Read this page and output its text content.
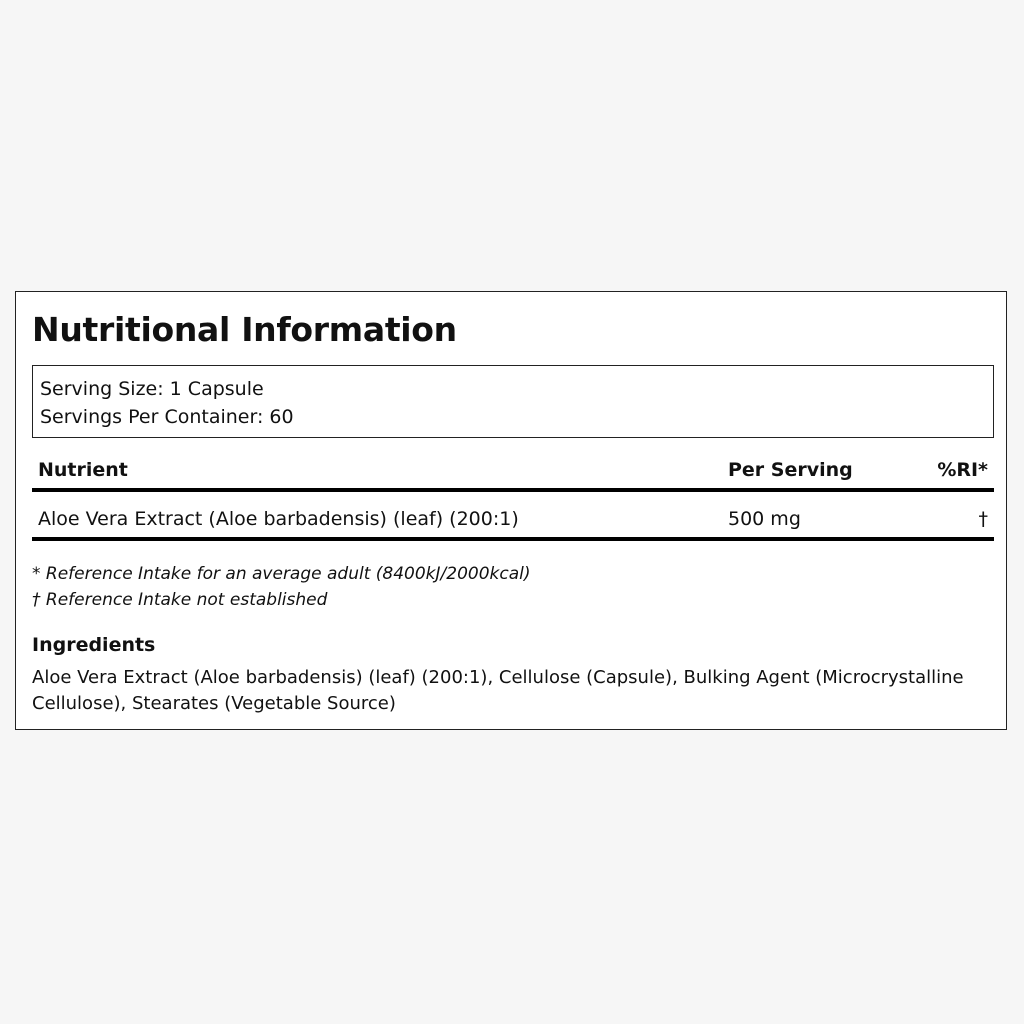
Nutritional Information
Serving Size: 1 Capsule
Servings Per Container: 60
Nutrient	Per Serving	%RI*
Aloe Vera Extract (Aloe barbadensis) (leaf) (200:1)	500 mg	†
* Reference Intake for an average adult (8400kJ/2000kcal)
† Reference Intake not established
Ingredients

Aloe Vera Extract (Aloe barbadensis) (leaf) (200:1), Cellulose (Capsule), Bulking Agent (Microcrystalline Cellulose), Stearates (Vegetable Source)
